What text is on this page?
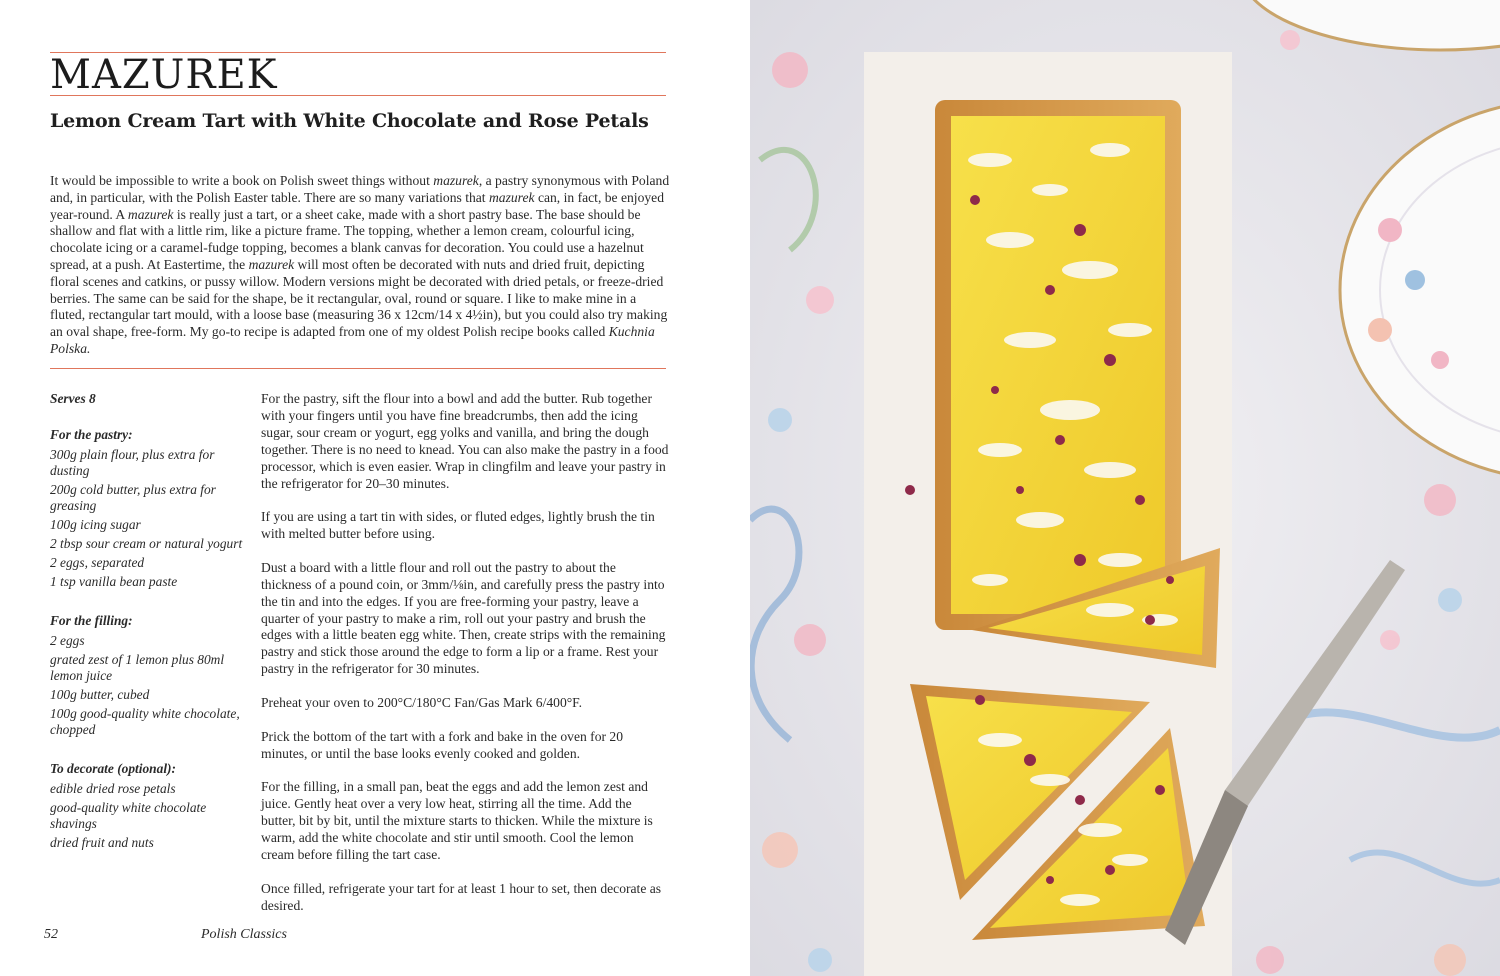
MAZUREK
Lemon Cream Tart with White Chocolate and Rose Petals
It would be impossible to write a book on Polish sweet things without mazurek, a pastry synonymous with Poland and, in particular, with the Polish Easter table. There are so many variations that mazurek can, in fact, be enjoyed year-round. A mazurek is really just a tart, or a sheet cake, made with a short pastry base. The base should be shallow and flat with a little rim, like a picture frame. The topping, whether a lemon cream, colourful icing, chocolate icing or a caramel-fudge topping, becomes a blank canvas for decoration. You could use a hazelnut spread, at a push. At Eastertime, the mazurek will most often be decorated with nuts and dried fruit, depicting floral scenes and catkins, or pussy willow. Modern versions might be decorated with dried petals, or freeze-dried berries. The same can be said for the shape, be it rectangular, oval, round or square. I like to make mine in a fluted, rectangular tart mould, with a loose base (measuring 36 x 12cm/14 x 4½in), but you could also try making an oval shape, free-form. My go-to recipe is adapted from one of my oldest Polish recipe books called Kuchnia Polska.
Serves 8
For the pastry:
300g plain flour, plus extra for dusting
200g cold butter, plus extra for greasing
100g icing sugar
2 tbsp sour cream or natural yogurt
2 eggs, separated
1 tsp vanilla bean paste
For the filling:
2 eggs
grated zest of 1 lemon plus 80ml lemon juice
100g butter, cubed
100g good-quality white chocolate, chopped
To decorate (optional):
edible dried rose petals
good-quality white chocolate shavings
dried fruit and nuts

For the pastry, sift the flour into a bowl and add the butter. Rub together with your fingers until you have fine breadcrumbs, then add the icing sugar, sour cream or yogurt, egg yolks and vanilla, and bring the dough together. There is no need to knead. You can also make the pastry in a food processor, which is even easier. Wrap in clingfilm and leave your pastry in the refrigerator for 20–30 minutes.

If you are using a tart tin with sides, or fluted edges, lightly brush the tin with melted butter before using.

Dust a board with a little flour and roll out the pastry to about the thickness of a pound coin, or 3mm/⅛in, and carefully press the pastry into the tin and into the edges. If you are free-forming your pastry, leave a quarter of your pastry to make a rim, roll out your pastry and brush the edges with a little beaten egg white. Then, create strips with the remaining pastry and stick those around the edge to form a lip or a frame. Rest your pastry in the refrigerator for 30 minutes.

Preheat your oven to 200°C/180°C Fan/Gas Mark 6/400°F.

Prick the bottom of the tart with a fork and bake in the oven for 20 minutes, or until the base looks evenly cooked and golden.

For the filling, in a small pan, beat the eggs and add the lemon zest and juice. Gently heat over a very low heat, stirring all the time. Add the butter, bit by bit, until the mixture starts to thicken. While the mixture is warm, add the white chocolate and stir until smooth. Cool the lemon cream before filling the tart case.

Once filled, refrigerate your tart for at least 1 hour to set, then decorate as desired.

52	Polish Classics
